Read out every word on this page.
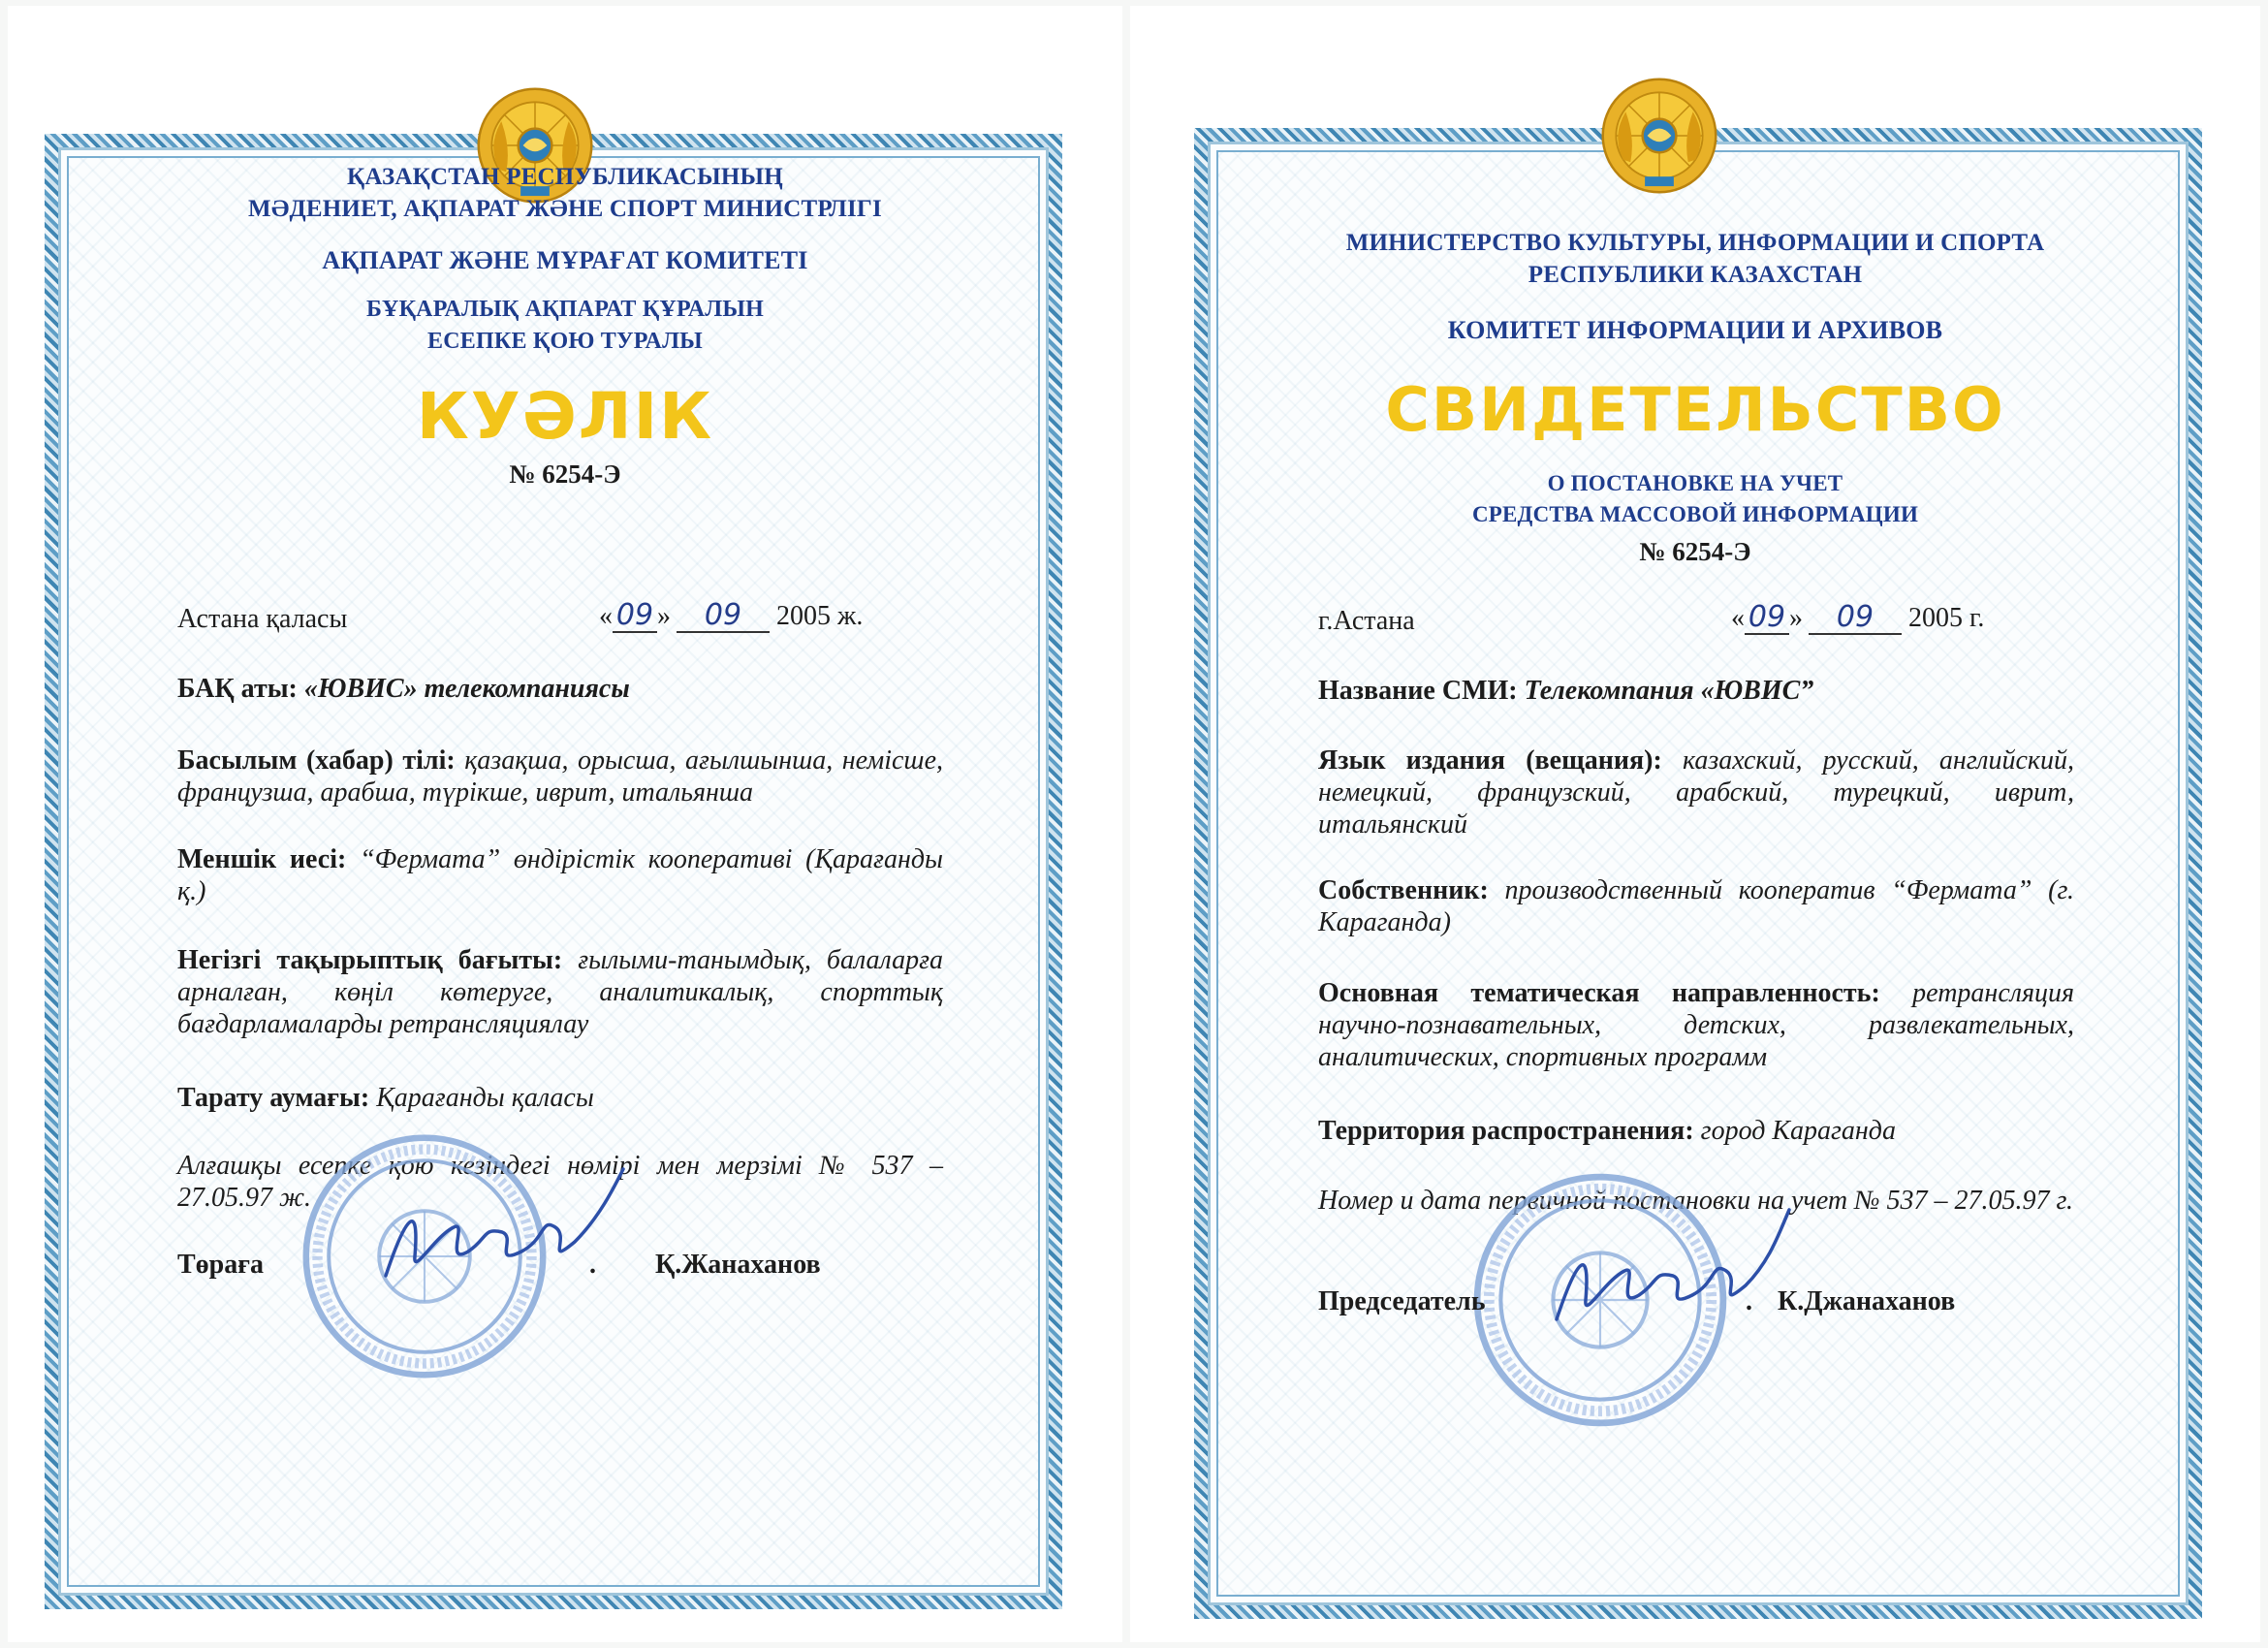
ҚАЗАҚСТАН РЕСПУБЛИКАСЫНЫҢ
МӘДЕНИЕТ, АҚПАРАТ ЖӘНЕ СПОРТ МИНИСТРЛІГІ
АҚПАРАТ ЖӘНЕ МҰРАҒАТ КОМИТЕТІ
БҰҚАРАЛЫҚ АҚПАРАТ ҚҰРАЛЫН
ЕСЕПКЕ ҚОЮ ТУРАЛЫ
КУӘЛІК
№ 6254-Э
Астана қаласы	« 09 » 09 2005 ж.
БАҚ аты: «ЮВИС» телекомпаниясы
Басылым (хабар) тілі: қазақша, орысша, ағылшынша, немісше, французша, арабша, түрікше, иврит, итальянша
Меншік иесі: “Фермата” өндірістік кооперативі (Қарағанды қ.)
Негізгі тақырыптық бағыты: ғылыми-танымдық, балаларға арналған, көңіл көтеруге, аналитикалық, спорттық бағдарламаларды ретрансляциялау
Тарату аумағы: Қарағанды қаласы
Алғашқы есепке қою кезіндегі нөмірі мен мерзімі № 537 – 27.05.97 ж.
Төраға	. Қ.Жанаханов
МИНИСТЕРСТВО КУЛЬТУРЫ, ИНФОРМАЦИИ И СПОРТА
РЕСПУБЛИКИ КАЗАХСТАН
КОМИТЕТ ИНФОРМАЦИИ И АРХИВОВ
СВИДЕТЕЛЬСТВО
О ПОСТАНОВКЕ НА УЧЕТ
СРЕДСТВА МАССОВОЙ ИНФОРМАЦИИ
№ 6254-Э
г.Астана	« 09 » 09 2005 г.
Название СМИ: Телекомпания «ЮВИС”
Язык издания (вещания): казахский, русский, английский, немецкий, французский, арабский, турецкий, иврит, итальянский
Собственник: производственный кооператив “Фермата” (г. Караганда)
Основная тематическая направленность: ретрансляция научно-познавательных, детских, развлекательных, аналитических, спортивных программ
Территория распространения: город Караганда
Номер и дата первичной постановки на учет № 537 – 27.05.97 г.
Председатель	. К.Джанаханов
